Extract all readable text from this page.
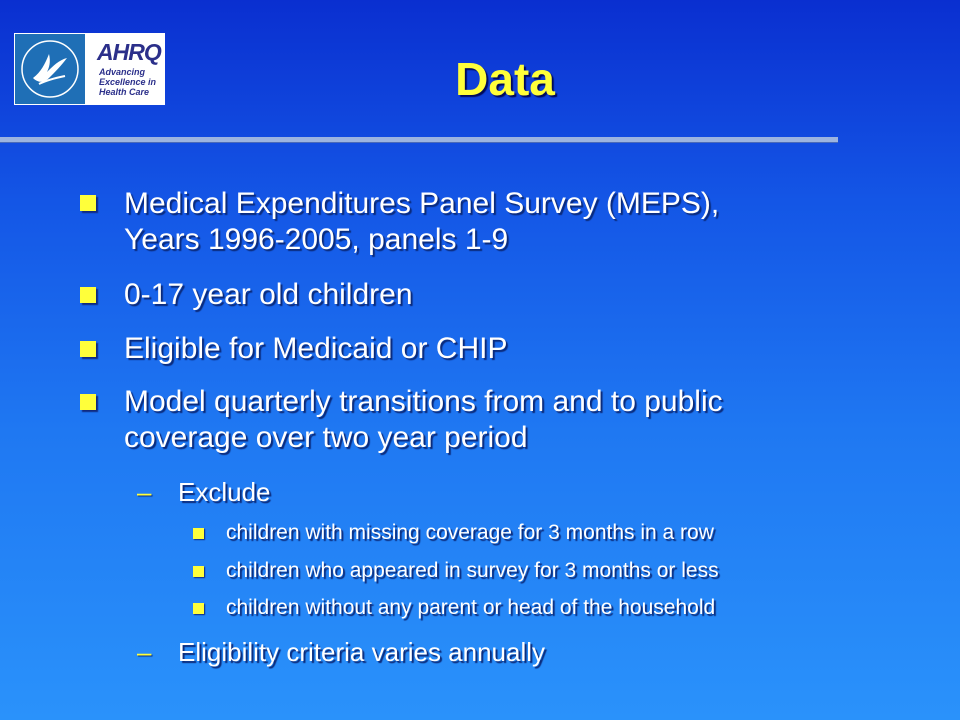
AHRQ
Advancing
Excellence in
Health Care	Data
Medical Expenditures Panel Survey (MEPS),
Years 1996-2005, panels 1-9
0-17 year old children
Eligible for Medicaid or CHIP
Model quarterly transitions from and to public
coverage over two year period
– Exclude
children with missing coverage for 3 months in a row
children who appeared in survey for 3 months or less
children without any parent or head of the household
– Eligibility criteria varies annually
